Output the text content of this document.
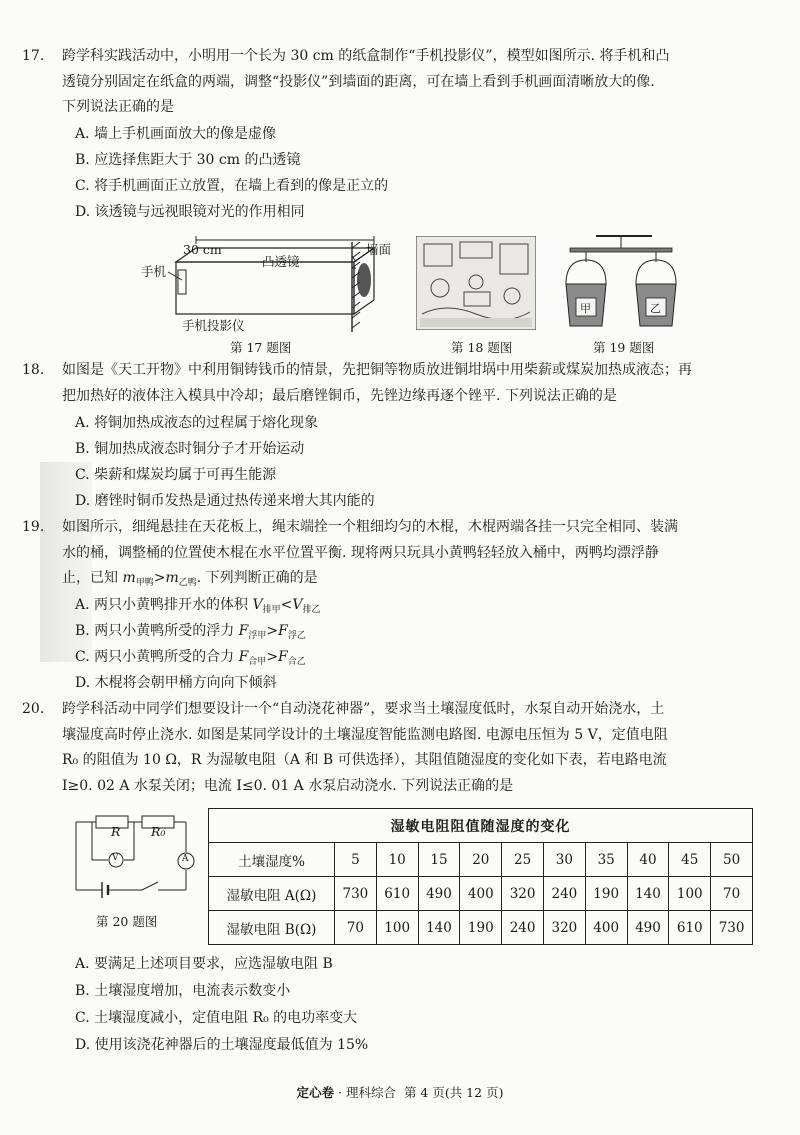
17. 跨学科实践活动中，小明用一个长为 30 cm 的纸盒制作“手机投影仪”，模型如图所示. 将手机和凸
透镜分别固定在纸盒的两端，调整“投影仪”到墙面的距离，可在墙上看到手机画面清晰放大的像.
下列说法正确的是

A. 墙上手机画面放大的像是虚像
B. 应选择焦距大于 30 cm 的凸透镜
C. 将手机画面正立放置，在墙上看到的像是正立的
D. 该透镜与远视眼镜对光的作用相同
30 cm
手机
凸透镜
墙面
手机投影仪
第 17 题图	第 18 题图
甲	乙
第 19 题图

18. 如图是《天工开物》中利用铜铸钱币的情景，先把铜等物质放进铜坩埚中用柴薪或煤炭加热成液态；再
把加热好的液体注入模具中冷却；最后磨锉铜币，先锉边缘再逐个锉平. 下列说法正确的是

A. 将铜加热成液态的过程属于熔化现象
B. 铜加热成液态时铜分子才开始运动
C. 柴薪和煤炭均属于可再生能源
D. 磨锉时铜币发热是通过热传递来增大其内能的

19. 如图所示，细绳悬挂在天花板上，绳末端拴一个粗细均匀的木棍，木棍两端各挂一只完全相同、装满
水的桶，调整桶的位置使木棍在水平位置平衡. 现将两只玩具小黄鸭轻轻放入桶中，两鸭均漂浮静
止，已知 $m_{甲鸭}>m_{乙鸭}$. 下列判断正确的是

A. 两只小黄鸭排开水的体积 $V_{排甲}<V_{排乙}$
B. 两只小黄鸭所受的浮力 $F_{浮甲}>F_{浮乙}$
C. 两只小黄鸭所受的合力 $F_{合甲}>F_{合乙}$
D. 木棍将会朝甲桶方向向下倾斜

20. 跨学科活动中同学们想要设计一个“自动浇花神器”，要求当土壤湿度低时，水泵自动开始浇水，土
壤湿度高时停止浇水. 如图是某同学设计的土壤湿度智能监测电路图. 电源电压恒为 5 V，定值电阻
R₀ 的阻值为 10 Ω，R 为湿敏电阻（A 和 B 可供选择），其阻值随湿度的变化如下表，若电路电流
I≥0. 02 A 水泵关闭；电流 I≤0. 01 A 水泵启动浇水. 下列说法正确的是

R R₀
V	A
第 20 题图
湿敏电阻阻值随湿度的变化										
土壤湿度%	5	10	15	20	25	30	35	40	45	50
湿敏电阻 A(Ω)	730	610	490	400	320	240	190	140	100	70
湿敏电阻 B(Ω)	70	100	140	190	240	320	400	490	610	730
A. 要满足上述项目要求，应选湿敏电阻 B
B. 土壤湿度增加，电流表示数变小
C. 土壤湿度减小，定值电阻 R₀ 的电功率变大
D. 使用该浇花神器后的土壤湿度最低值为 15%
定心卷 · 理科综合 第 4 页(共 12 页)
